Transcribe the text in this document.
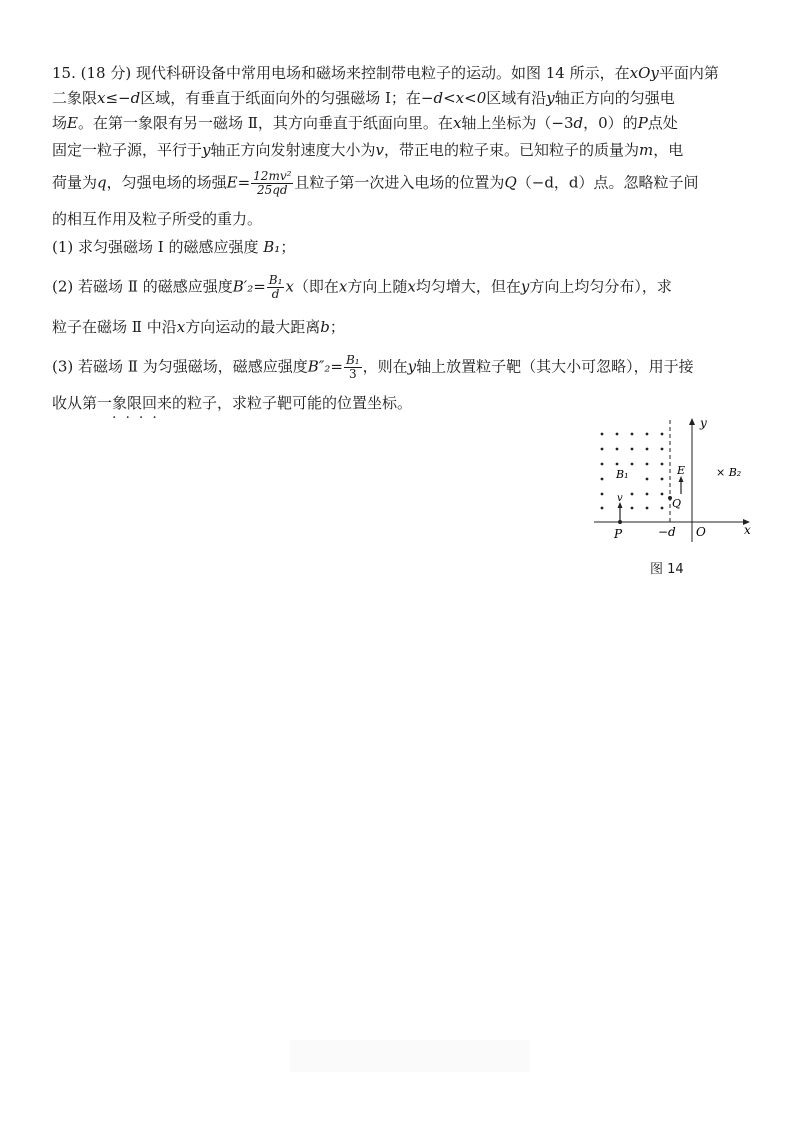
15. (18 分) 现代科研设备中常用电场和磁场来控制带电粒子的运动。如图 14 所示，在xOy平面内第
二象限x≤−d区域，有垂直于纸面向外的匀强磁场 Ⅰ；在−d<x<0区域有沿y轴正方向的匀强电
场E。在第一象限有另一磁场 Ⅱ，其方向垂直于纸面向里。在x轴上坐标为（−3d，0）的P点处
固定一粒子源，平行于y轴正方向发射速度大小为v，带正电的粒子束。已知粒子的质量为m，电
荷量为q，匀强电场的场强$E= \frac{\text{12mv²}}{25qd}$ 且粒子第一次进入电场的位置为Q（−d，d）点。忽略粒子间
的相互作用及粒子所受的重力。
(1) 求匀强磁场 Ⅰ 的磁感应强度 B₁；
(2) 若磁场 Ⅱ 的磁感应强度$B'_2= \frac{\text{B₁}}{d} x$（即在x方向上随x均匀增大，但在y方向上均匀分布），求
粒子在磁场 Ⅱ 中沿x方向运动的最大距离b；
(3) 若磁场 Ⅱ 为匀强磁场，磁感应强度$B''_2= \frac{\text{B₁}}{3}$ ，则在y轴上放置粒子靶（其大小可忽略），用于接
收从第一象限回来的粒子，求粒子靶可能的位置坐标。
····	y
x
O
−d
P
Q
v
E
B₁	× B₂
图 14
